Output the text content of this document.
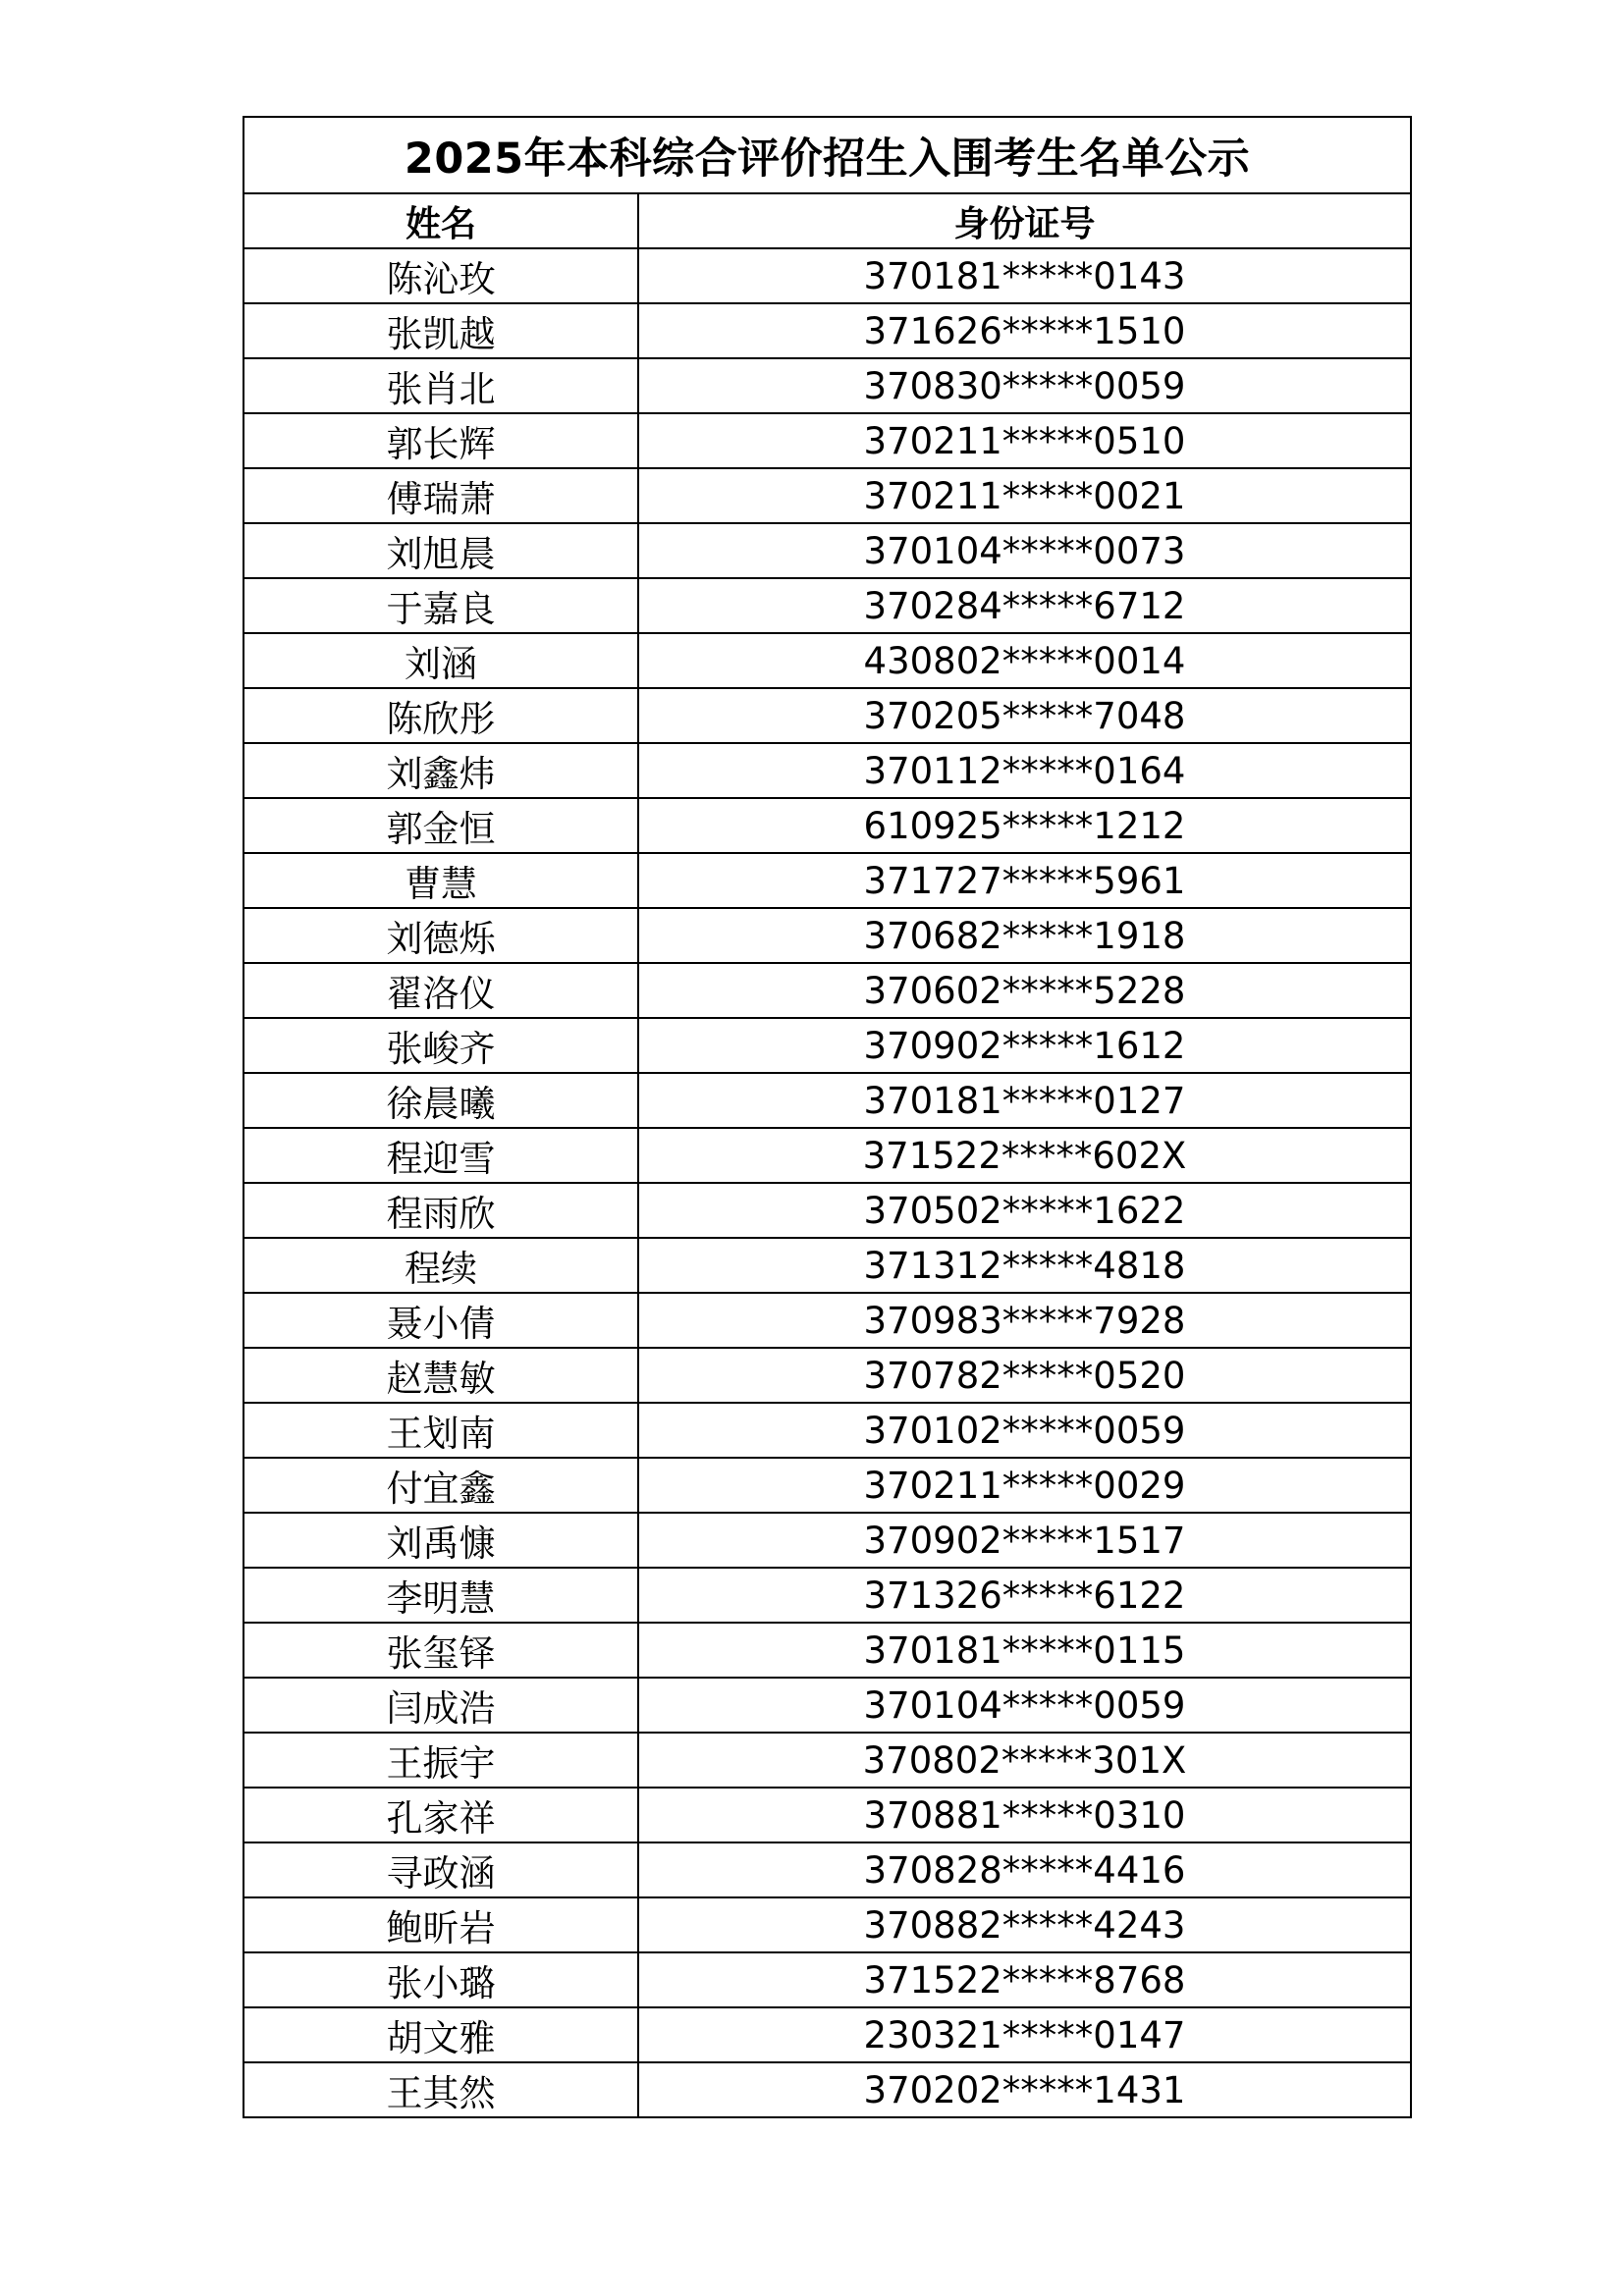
2025年本科综合评价招生入围考生名单公示	
姓名	身份证号
陈沁玫	370181*****0143
张凯越	371626*****1510
张肖北	370830*****0059
郭长辉	370211*****0510
傅瑞萧	370211*****0021
刘旭晨	370104*****0073
于嘉良	370284*****6712
刘涵	430802*****0014
陈欣彤	370205*****7048
刘鑫炜	370112*****0164
郭金恒	610925*****1212
曹慧	371727*****5961
刘德烁	370682*****1918
翟洛仪	370602*****5228
张峻齐	370902*****1612
徐晨曦	370181*****0127
程迎雪	371522*****602X
程雨欣	370502*****1622
程续	371312*****4818
聂小倩	370983*****7928
赵慧敏	370782*****0520
王划南	370102*****0059
付宜鑫	370211*****0029
刘禹慷	370902*****1517
李明慧	371326*****6122
张玺铎	370181*****0115
闫成浩	370104*****0059
王振宇	370802*****301X
孔家祥	370881*****0310
寻政涵	370828*****4416
鲍昕岩	370882*****4243
张小璐	371522*****8768
胡文雅	230321*****0147
王其然	370202*****1431
